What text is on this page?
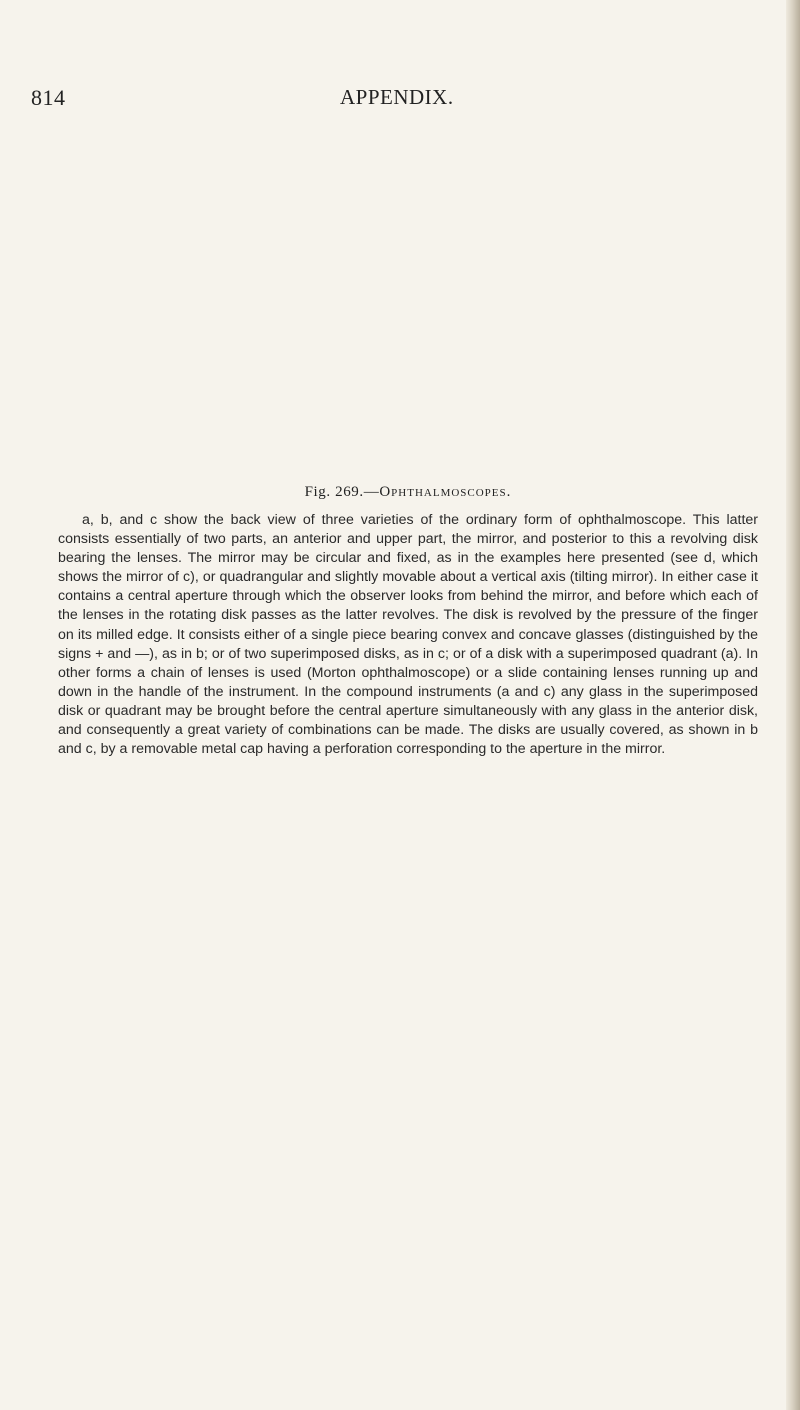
814	APPENDIX.

Fig. 269.—Ophthalmoscopes.

a, b, and c show the back view of three varieties of the ordinary form of ophthalmoscope. This latter consists essentially of two parts, an anterior and upper part, the mirror, and posterior to this a revolving disk bearing the lenses. The mirror may be circular and fixed, as in the examples here presented (see d, which shows the mirror of c), or quadrangular and slightly movable about a vertical axis (tilting mirror). In either case it contains a central aperture through which the observer looks from behind the mirror, and before which each of the lenses in the rotating disk passes as the latter revolves. The disk is revolved by the pressure of the finger on its milled edge. It consists either of a single piece bearing convex and concave glasses (distinguished by the signs + and —), as in b; or of two superimposed disks, as in c; or of a disk with a superimposed quadrant (a). In other forms a chain of lenses is used (Morton ophthalmoscope) or a slide containing lenses running up and down in the handle of the instrument. In the compound instruments (a and c) any glass in the superimposed disk or quadrant may be brought before the central aperture simultaneously with any glass in the anterior disk, and consequently a great variety of combinations can be made. The disks are usually covered, as shown in b and c, by a removable metal cap having a perforation corresponding to the aperture in the mirror.
